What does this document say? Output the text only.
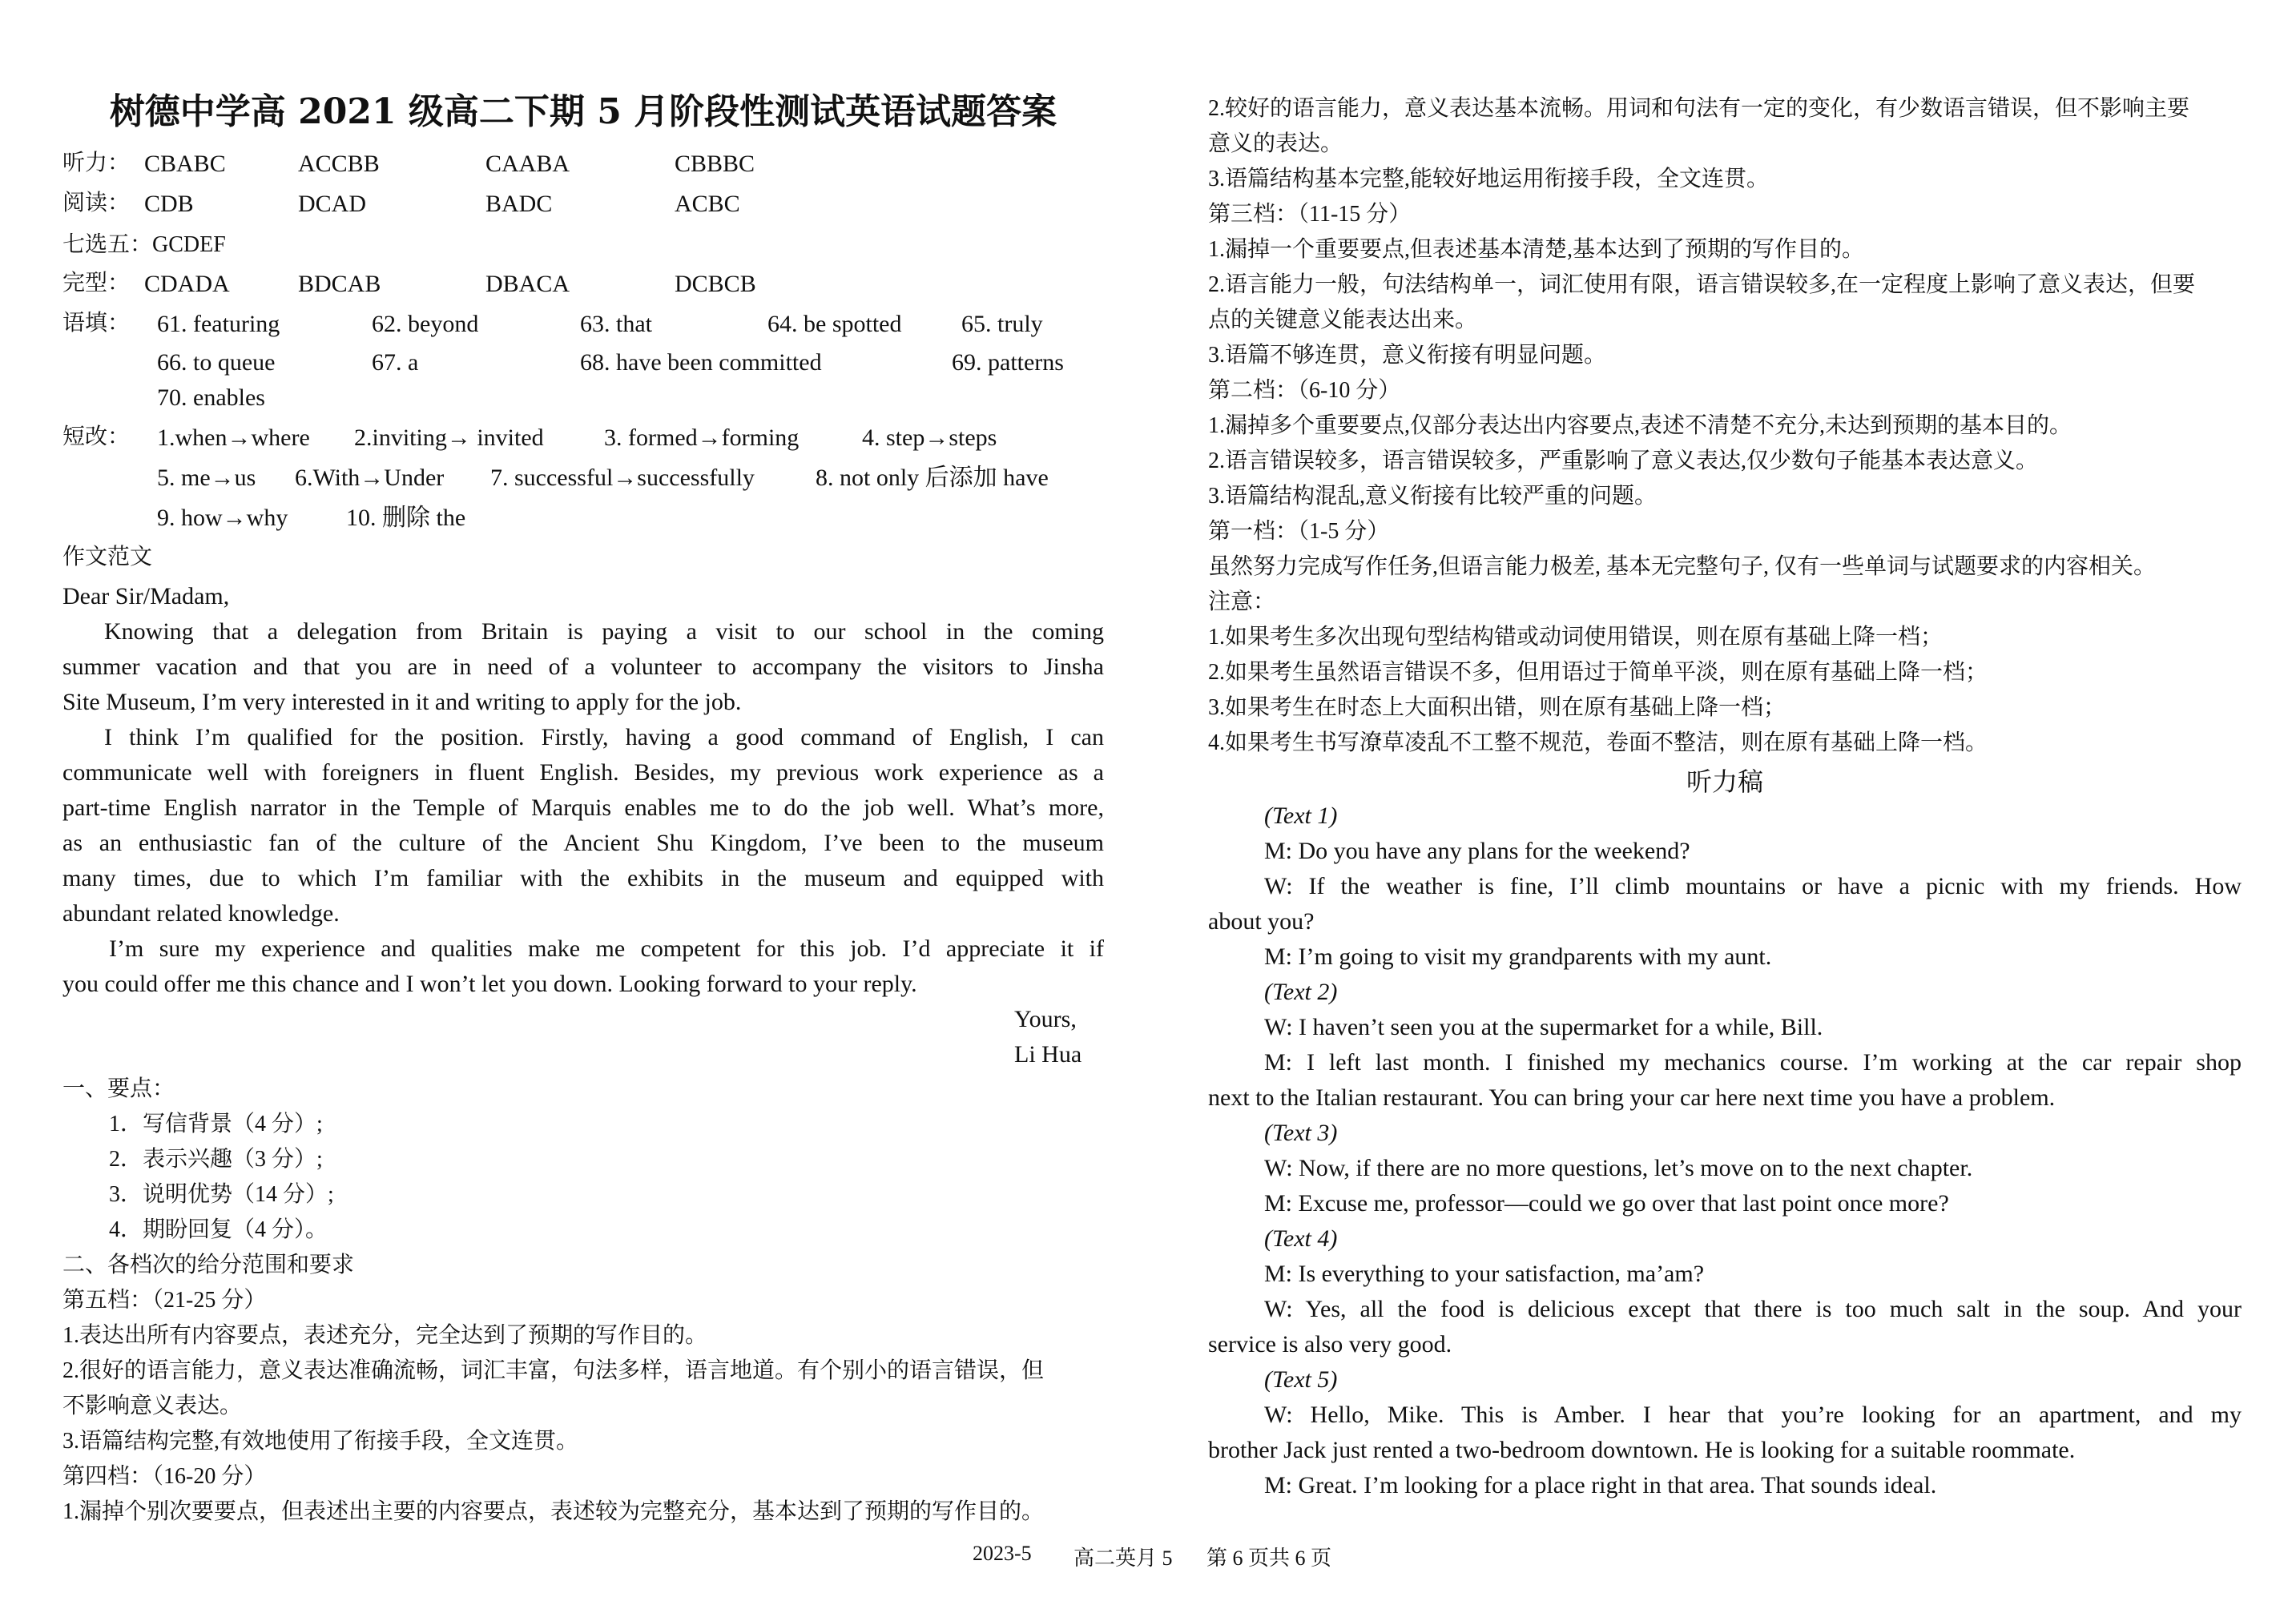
树德中学高 2021 级高二下期 5 月阶段性测试英语试题答案
听力： CBABC	ACCBB	CAABA	CBBBC
阅读： CDB	DCAD	BADC	ACBC
七选五：GCDEF
完型： CDADA	BDCAB	DBACA	DCBCB
语填： 61. featuring	62. beyond	63. that	64. be spotted 65. truly
66. to queue	67. a	68. have been committed	69. patterns
70. enables
短改： 1.when→where 2.inviting→ invited	3. formed→forming	4. step→steps
5. me→us 6.With→Under 7. successful→successfully	8. not only 后添加 have
9. how→why 10. 删除 the
作文范文
Dear Sir/Madam,
Knowing that a delegation from Britain is paying a visit to our school in the coming
summer vacation and that you are in need of a volunteer to accompany the visitors to Jinsha
Site Museum, I’m very interested in it and writing to apply for the job.
I think I’m qualified for the position. Firstly, having a good command of English, I can
communicate well with foreigners in fluent English. Besides, my previous work experience as a
part-time English narrator in the Temple of Marquis enables me to do the job well. What’s more,
as an enthusiastic fan of the culture of the Ancient Shu Kingdom, I’ve been to the museum
many times, due to which I’m familiar with the exhibits in the museum and equipped with
abundant related knowledge.
I’m sure my experience and qualities make me competent for this job. I’d appreciate it if
you could offer me this chance and I won’t let you down. Looking forward to your reply.
Yours,
Li Hua
一、要点：
1．写信背景（4 分）;
2．表示兴趣（3 分）;
3．说明优势（14 分）;
4．期盼回复（4 分）。
二、各档次的给分范围和要求
第五档：（21-25 分）
1.表达出所有内容要点，表述充分，完全达到了预期的写作目的。
2.很好的语言能力，意义表达准确流畅，词汇丰富，句法多样，语言地道。有个别小的语言错误，但
不影响意义表达。
3.语篇结构完整,有效地使用了衔接手段，全文连贯。
第四档：（16-20 分）
1.漏掉个别次要要点，但表述出主要的内容要点，表述较为完整充分，基本达到了预期的写作目的。
2.较好的语言能力，意义表达基本流畅。用词和句法有一定的变化，有少数语言错误，但不影响主要
意义的表达。
3.语篇结构基本完整,能较好地运用衔接手段，全文连贯。
第三档：（11-15 分）
1.漏掉一个重要要点,但表述基本清楚,基本达到了预期的写作目的。
2.语言能力一般，句法结构单一，词汇使用有限，语言错误较多,在一定程度上影响了意义表达，但要
点的关键意义能表达出来。
3.语篇不够连贯，意义衔接有明显问题。
第二档：（6-10 分）
1.漏掉多个重要要点,仅部分表达出内容要点,表述不清楚不充分,未达到预期的基本目的。
2.语言错误较多，语言错误较多，严重影响了意义表达,仅少数句子能基本表达意义。
3.语篇结构混乱,意义衔接有比较严重的问题。
第一档：（1-5 分）
虽然努力完成写作任务,但语言能力极差, 基本无完整句子, 仅有一些单词与试题要求的内容相关。
注意：
1.如果考生多次出现句型结构错或动词使用错误，则在原有基础上降一档；
2.如果考生虽然语言错误不多，但用语过于简单平淡，则在原有基础上降一档；
3.如果考生在时态上大面积出错，则在原有基础上降一档；
4.如果考生书写潦草凌乱不工整不规范，卷面不整洁，则在原有基础上降一档。
听力稿
(Text 1)
M: Do you have any plans for the weekend?
W: If the weather is fine, I’ll climb mountains or have a picnic with my friends. How
about you?
M: I’m going to visit my grandparents with my aunt.
(Text 2)
W: I haven’t seen you at the supermarket for a while, Bill.
M: I left last month. I finished my mechanics course. I’m working at the car repair shop
next to the Italian restaurant. You can bring your car here next time you have a problem.
(Text 3)
W: Now, if there are no more questions, let’s move on to the next chapter.
M: Excuse me, professor—could we go over that last point once more?
(Text 4)
M: Is everything to your satisfaction, ma’am?
W: Yes, all the food is delicious except that there is too much salt in the soup. And your
service is also very good.
(Text 5)
W: Hello, Mike. This is Amber. I hear that you’re looking for an apartment, and my
brother Jack just rented a two-bedroom downtown. He is looking for a suitable roommate.
M: Great. I’m looking for a place right in that area. That sounds ideal.
2023-5 高二英月 5 第 6 页共 6 页
